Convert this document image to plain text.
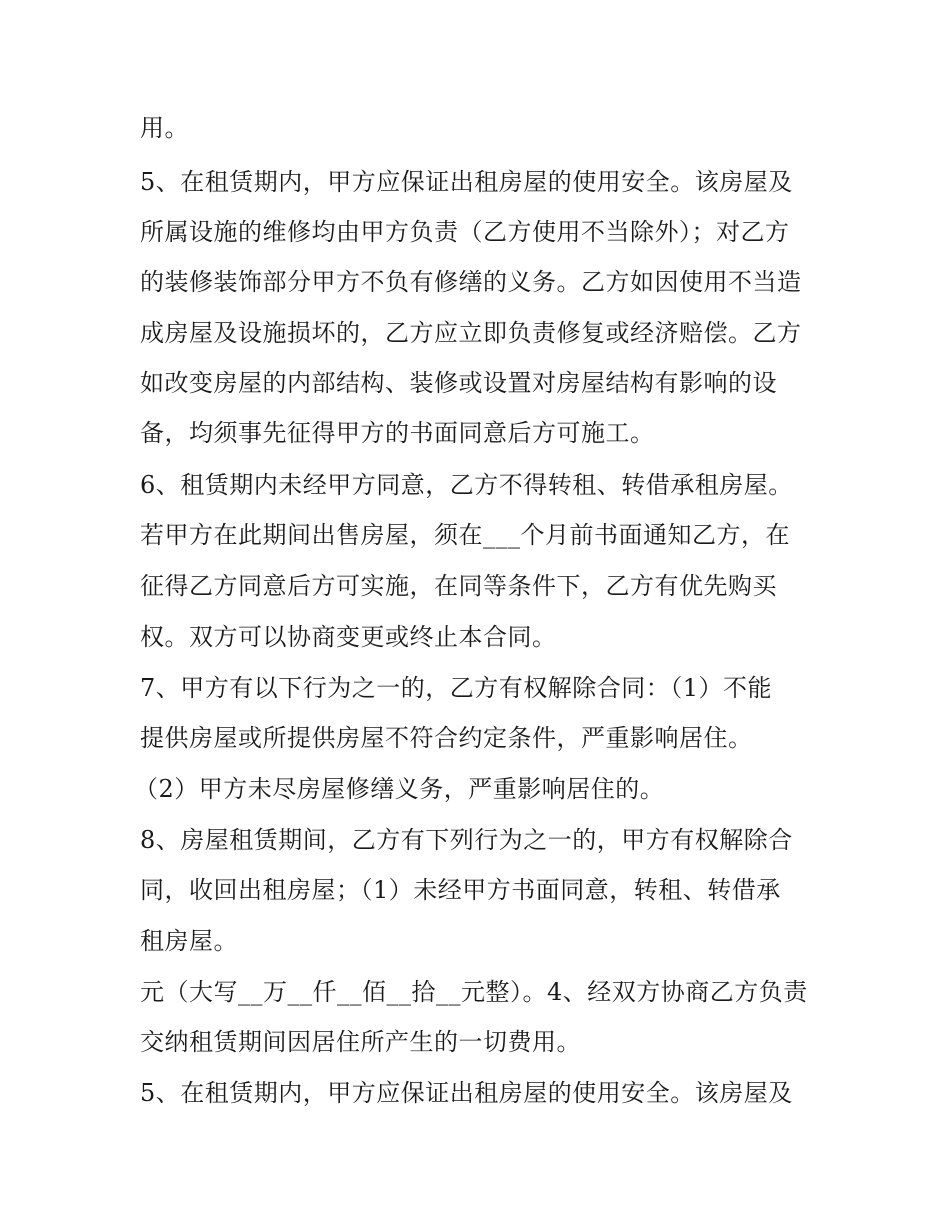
用。
5、在租赁期内，甲方应保证出租房屋的使用安全。该房屋及
所属设施的维修均由甲方负责（乙方使用不当除外）；对乙方
的装修装饰部分甲方不负有修缮的义务。乙方如因使用不当造
成房屋及设施损坏的，乙方应立即负责修复或经济赔偿。乙方
如改变房屋的内部结构、装修或设置对房屋结构有影响的设
备，均须事先征得甲方的书面同意后方可施工。
6、租赁期内未经甲方同意，乙方不得转租、转借承租房屋。
若甲方在此期间出售房屋，须在___个月前书面通知乙方，在
征得乙方同意后方可实施，在同等条件下，乙方有优先购买
权。双方可以协商变更或终止本合同。
7、甲方有以下行为之一的，乙方有权解除合同：（1）不能
提供房屋或所提供房屋不符合约定条件，严重影响居住。
（2）甲方未尽房屋修缮义务，严重影响居住的。
8、房屋租赁期间，乙方有下列行为之一的，甲方有权解除合
同，收回出租房屋；（1）未经甲方书面同意，转租、转借承
租房屋。
元（大写__万__仟__佰__拾__元整）。4、经双方协商乙方负责
交纳租赁期间因居住所产生的一切费用。
5、在租赁期内，甲方应保证出租房屋的使用安全。该房屋及
